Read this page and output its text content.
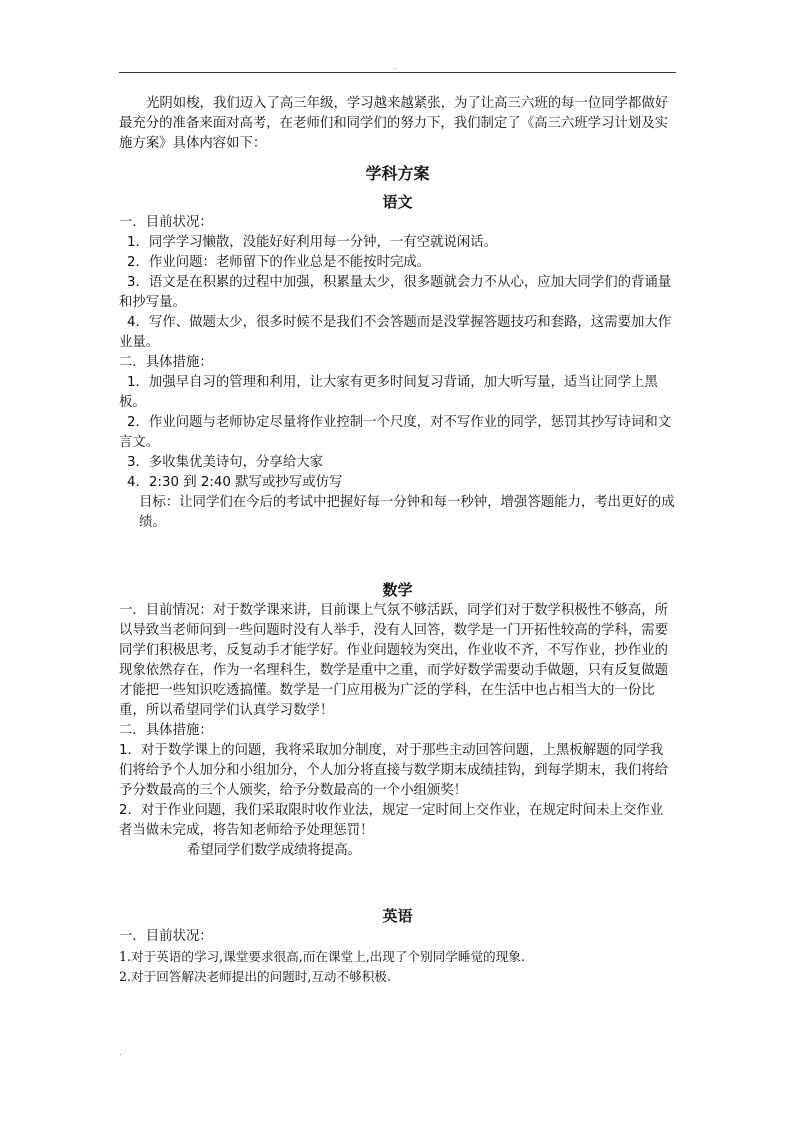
.

光阴如梭，我们迈入了高三年级，学习越来越紧张，为了让高三六班的每一位同学都做好最充分的准备来面对高考，在老师们和同学们的努力下，我们制定了《高三六班学习计划及实施方案》具体内容如下：

学科方案
语文

一．目前状况：

1．同学学习懒散，没能好好利用每一分钟，一有空就说闲话。

2．作业问题：老师留下的作业总是不能按时完成。

3．语文是在积累的过程中加强，积累量太少，很多题就会力不从心，应加大同学们的背诵量和抄写量。

4．写作、做题太少，很多时候不是我们不会答题而是没掌握答题技巧和套路，这需要加大作业量。

二．具体措施：

1．加强早自习的管理和利用，让大家有更多时间复习背诵，加大听写量，适当让同学上黑板。

2．作业问题与老师协定尽量将作业控制一个尺度，对不写作业的同学，惩罚其抄写诗词和文言文。

3．多收集优美诗句，分享给大家

4．2:30 到 2:40 默写或抄写或仿写

目标：让同学们在今后的考试中把握好每一分钟和每一秒钟，增强答题能力，考出更好的成绩。

数学

一．目前情况：对于数学课来讲，目前课上气氛不够活跃，同学们对于数学积极性不够高，所以导致当老师问到一些问题时没有人举手，没有人回答，数学是一门开拓性较高的学科，需要同学们积极思考，反复动手才能学好。作业问题较为突出，作业收不齐，不写作业，抄作业的现象依然存在，作为一名理科生，数学是重中之重，而学好数学需要动手做题，只有反复做题才能把一些知识吃透搞懂。数学是一门应用极为广泛的学科，在生活中也占相当大的一份比重，所以希望同学们认真学习数学！

二．具体措施：

1．对于数学课上的问题，我将采取加分制度，对于那些主动回答问题，上黑板解题的同学我们将给予个人加分和小组加分，个人加分将直接与数学期末成绩挂钩，到每学期末，我们将给予分数最高的三个人颁奖，给予分数最高的一个小组颁奖！

2．对于作业问题，我们采取限时收作业法，规定一定时间上交作业，在规定时间未上交作业者当做未完成，将告知老师给予处理惩罚！

希望同学们数学成绩将提高。

英语

一．目前状况：

1.对于英语的学习,课堂要求很高,而在课堂上,出现了个别同学睡觉的现象.

2.对于回答解决老师提出的问题时,互动不够积极.

.
